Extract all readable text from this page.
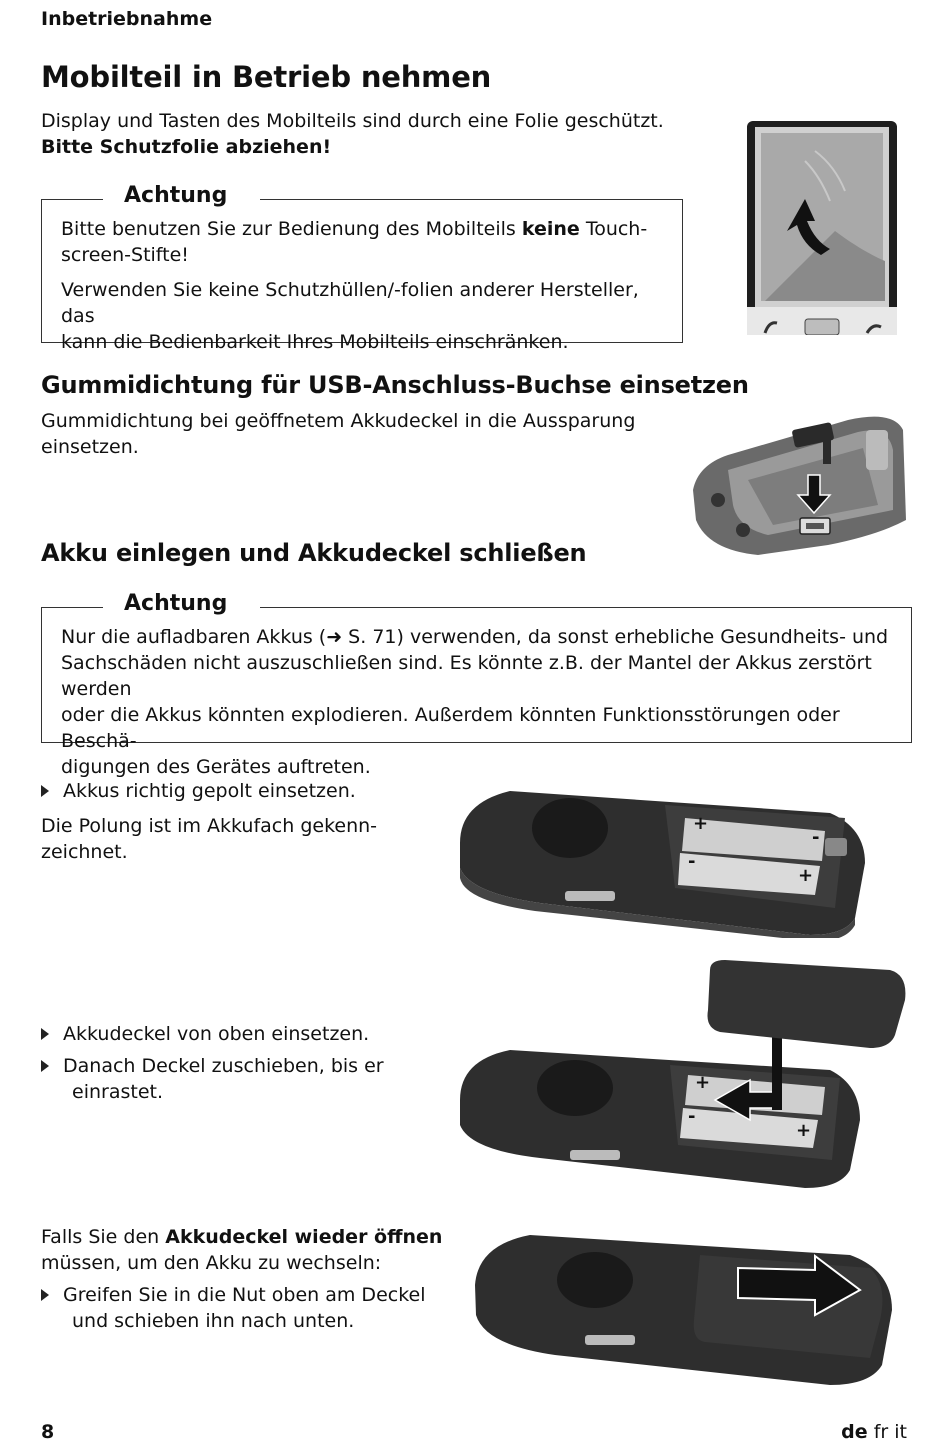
Inbetriebnahme
Mobilteil in Betrieb nehmen
Display und Tasten des Mobilteils sind durch eine Folie geschützt.
Bitte Schutzfolie abziehen!
Achtung
Bitte benutzen Sie zur Bedienung des Mobilteils keine Touch-
screen-Stifte!
Verwenden Sie keine Schutzhüllen/-folien anderer Hersteller, das
kann die Bedienbarkeit Ihres Mobilteils einschränken.
Gummidichtung für USB-Anschluss-Buchse einsetzen
Gummidichtung bei geöffnetem Akkudeckel in die Aussparung
einsetzen.
Akku einlegen und Akkudeckel schließen
Achtung
Nur die aufladbaren Akkus (➜ S. 71) verwenden, da sonst erhebliche Gesundheits- und
Sachschäden nicht auszuschließen sind. Es könnte z.B. der Mantel der Akkus zerstört werden
oder die Akkus könnten explodieren. Außerdem könnten Funktionsstörungen oder Beschä-
digungen des Gerätes auftreten.
Akkus richtig gepolt einsetzen.
Die Polung ist im Akkufach gekenn-
zeichnet.
+
-
-
+
Akkudeckel von oben einsetzen.
Danach Deckel zuschieben, bis er
einrastet.	+
-
+
Falls Sie den Akkudeckel wieder öffnen
müssen, um den Akku zu wechseln:
Greifen Sie in die Nut oben am Deckel
und schieben ihn nach unten.
8	de fr it
